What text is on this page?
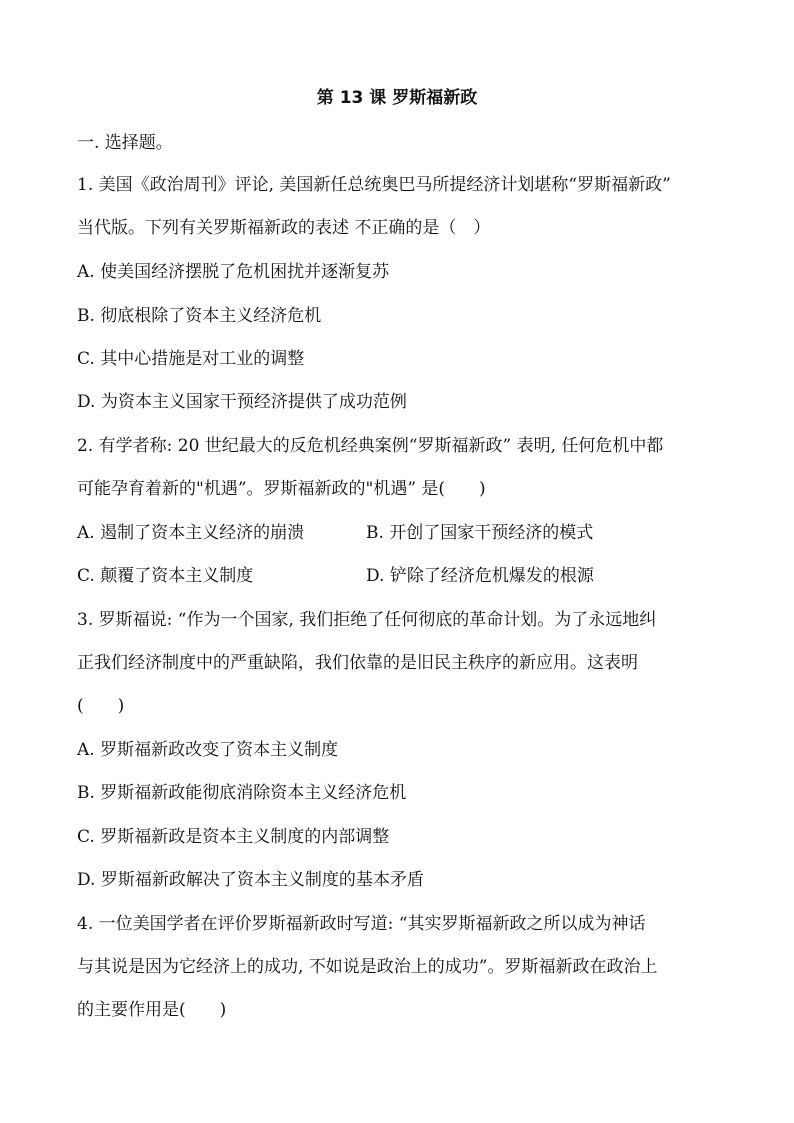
第 13 课 罗斯福新政
一. 选择题。
1. 美国《政治周刊》评论, 美国新任总统奥巴马所提经济计划堪称“罗斯福新政”
当代版。下列有关罗斯福新政的表述 不正确的是（　）
A. 使美国经济摆脱了危机困扰并逐渐复苏
B. 彻底根除了资本主义经济危机
C. 其中心措施是对工业的调整
D. 为资本主义国家干预经济提供了成功范例
2. 有学者称: 20 世纪最大的反危机经典案例“罗斯福新政” 表明, 任何危机中都
可能孕育着新的"机遇”。罗斯福新政的"机遇” 是(　　)
A. 遏制了资本主义经济的崩溃	B. 开创了国家干预经济的模式
C. 颠覆了资本主义制度	D. 铲除了经济危机爆发的根源
3. 罗斯福说: “作为一个国家, 我们拒绝了任何彻底的革命计划。为了永远地纠
正我们经济制度中的严重缺陷，我们依靠的是旧民主秩序的新应用。这表明
(　　)
A. 罗斯福新政改变了资本主义制度
B. 罗斯福新政能彻底消除资本主义经济危机
C. 罗斯福新政是资本主义制度的内部调整
D. 罗斯福新政解决了资本主义制度的基本矛盾
4. 一位美国学者在评价罗斯福新政时写道: “其实罗斯福新政之所以成为神话
与其说是因为它经济上的成功, 不如说是政治上的成功”。罗斯福新政在政治上
的主要作用是(　　)
